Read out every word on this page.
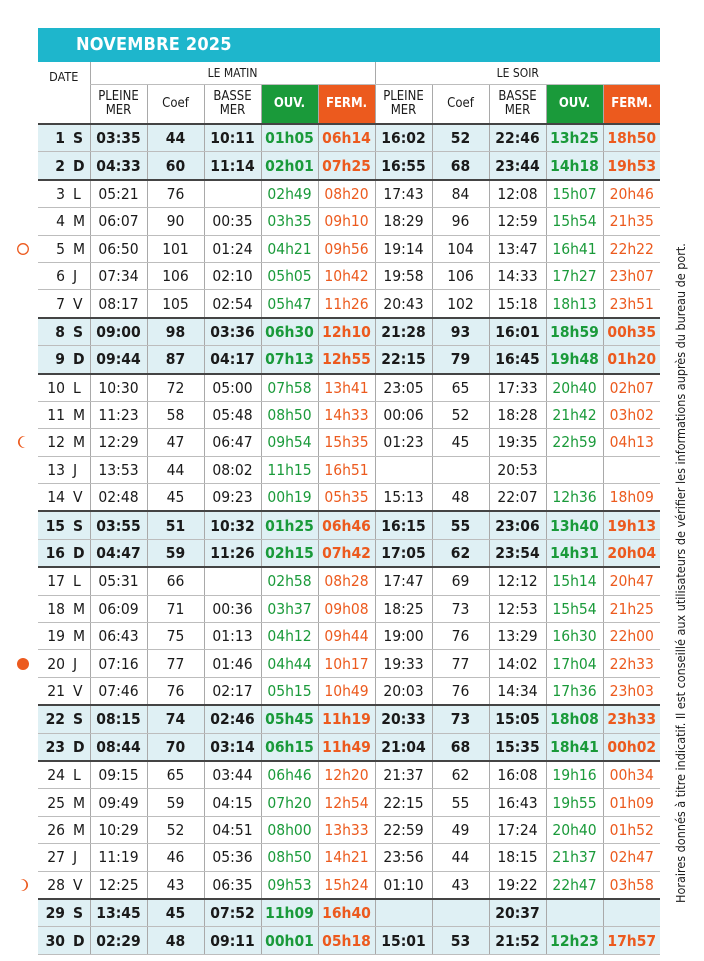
NOVEMBRE 2025
DATE		LE MATIN					LE SOIR				
		PLEINE
MER	Coef	BASSE
MER	OUV.	FERM.	PLEINE
MER	Coef	BASSE
MER	OUV.	FERM.
1	S	03:35	44	10:11	01h05	06h14	16:02	52	22:46	13h25	18h50
2	D	04:33	60	11:14	02h01	07h25	16:55	68	23:44	14h18	19h53
3	L	05:21	76		02h49	08h20	17:43	84	12:08	15h07	20h46
4	M	06:07	90	00:35	03h35	09h10	18:29	96	12:59	15h54	21h35
5	M	06:50	101	01:24	04h21	09h56	19:14	104	13:47	16h41	22h22
6	J	07:34	106	02:10	05h05	10h42	19:58	106	14:33	17h27	23h07
7	V	08:17	105	02:54	05h47	11h26	20:43	102	15:18	18h13	23h51
8	S	09:00	98	03:36	06h30	12h10	21:28	93	16:01	18h59	00h35
9	D	09:44	87	04:17	07h13	12h55	22:15	79	16:45	19h48	01h20
10	L	10:30	72	05:00	07h58	13h41	23:05	65	17:33	20h40	02h07
11	M	11:23	58	05:48	08h50	14h33	00:06	52	18:28	21h42	03h02
12	M	12:29	47	06:47	09h54	15h35	01:23	45	19:35	22h59	04h13
13	J	13:53	44	08:02	11h15	16h51			20:53		
14	V	02:48	45	09:23	00h19	05h35	15:13	48	22:07	12h36	18h09
15	S	03:55	51	10:32	01h25	06h46	16:15	55	23:06	13h40	19h13
16	D	04:47	59	11:26	02h15	07h42	17:05	62	23:54	14h31	20h04
17	L	05:31	66		02h58	08h28	17:47	69	12:12	15h14	20h47
18	M	06:09	71	00:36	03h37	09h08	18:25	73	12:53	15h54	21h25
19	M	06:43	75	01:13	04h12	09h44	19:00	76	13:29	16h30	22h00
20	J	07:16	77	01:46	04h44	10h17	19:33	77	14:02	17h04	22h33
21	V	07:46	76	02:17	05h15	10h49	20:03	76	14:34	17h36	23h03
22	S	08:15	74	02:46	05h45	11h19	20:33	73	15:05	18h08	23h33
23	D	08:44	70	03:14	06h15	11h49	21:04	68	15:35	18h41	00h02
24	L	09:15	65	03:44	06h46	12h20	21:37	62	16:08	19h16	00h34
25	M	09:49	59	04:15	07h20	12h54	22:15	55	16:43	19h55	01h09
26	M	10:29	52	04:51	08h00	13h33	22:59	49	17:24	20h40	01h52
27	J	11:19	46	05:36	08h50	14h21	23:56	44	18:15	21h37	02h47
28	V	12:25	43	06:35	09h53	15h24	01:10	43	19:22	22h47	03h58
29	S	13:45	45	07:52	11h09	16h40			20:37		
30	D	02:29	48	09:11	00h01	05h18	15:01	53	21:52	12h23	17h57
Horaires donnés à titre indicatif. Il est conseillé aux utilisateurs de vérifier les informations auprès du bureau de port.
